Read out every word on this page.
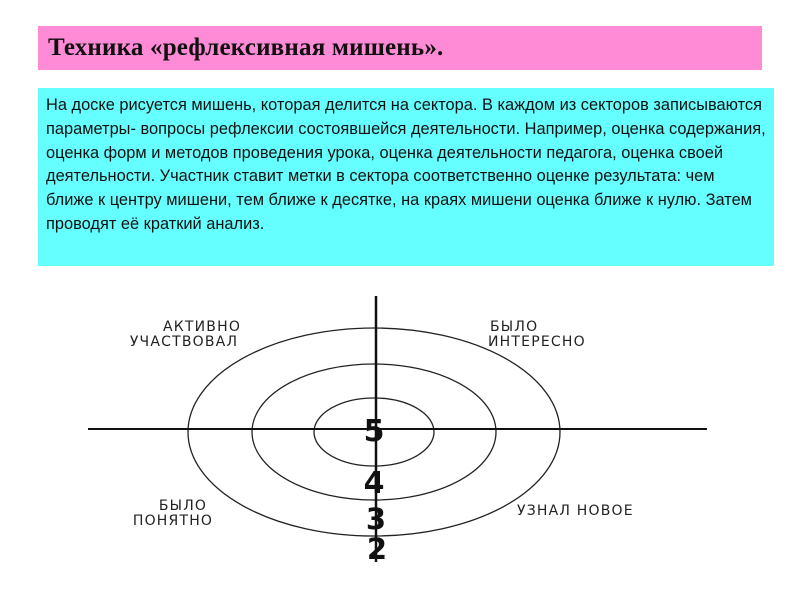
Техника «рефлексивная мишень».

На доске рисуется мишень, которая делится на сектора. В каждом из секторов записываются параметры- вопросы рефлексии состоявшейся деятельности. Например, оценка содержания, оценка форм и методов проведения урока, оценка деятельности педагога, оценка своей деятельности. Участник ставит метки в сектора соответственно оценке результата: чем ближе к центру мишени, тем ближе к десятке, на краях мишени оценка ближе к нулю. Затем проводят её краткий анализ.

АКТИВНО
УЧАСТВОВАЛ
БЫЛО
ИНТЕРЕСНО
БЫЛО
ПОНЯТНО
УЗНАЛ НОВОЕ
5
4
3
2
